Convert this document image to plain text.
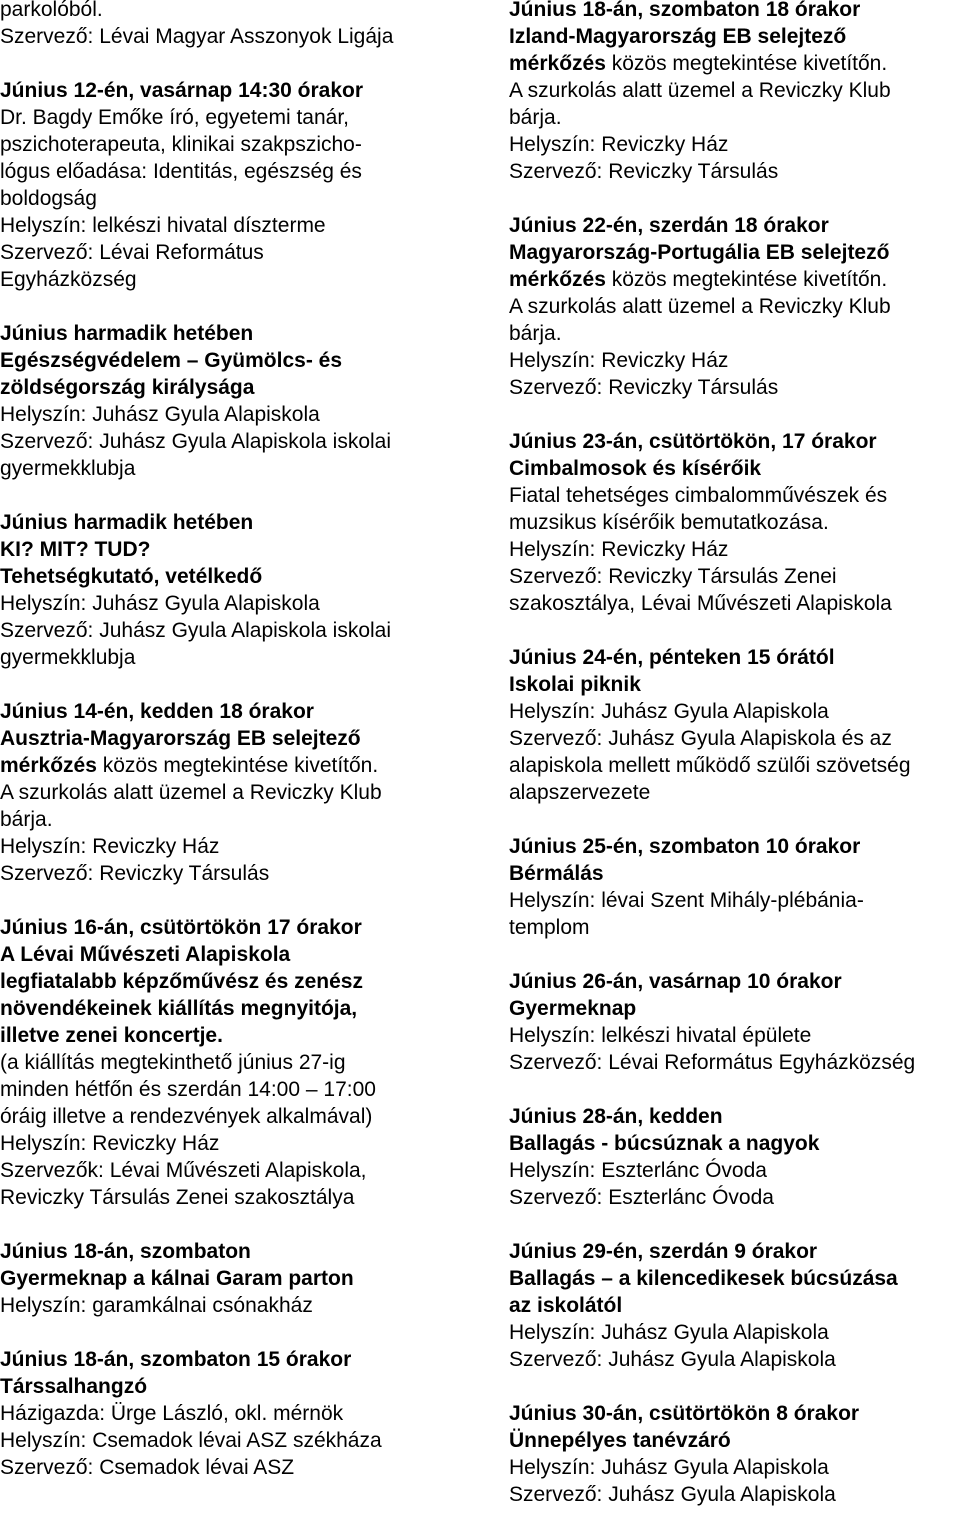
parkolóból.
Szervező: Lévai Magyar Asszonyok Ligája
Június 12-én, vasárnap 14:30 órakor
Dr. Bagdy Emőke író, egyetemi tanár,
pszichoterapeuta, klinikai szakpszicho-
lógus előadása: Identitás, egészség és
boldogság
Helyszín: lelkészi hivatal díszterme
Szervező: Lévai Református
Egyházközség
Június harmadik hetében
Egészségvédelem – Gyümölcs- és
zöldségország királysága
Helyszín: Juhász Gyula Alapiskola
Szervező: Juhász Gyula Alapiskola iskolai
gyermekklubja
Június harmadik hetében
KI? MIT? TUD?
Tehetségkutató, vetélkedő
Helyszín: Juhász Gyula Alapiskola
Szervező: Juhász Gyula Alapiskola iskolai
gyermekklubja
Június 14-én, kedden 18 órakor
Ausztria-Magyarország EB selejtező
mérkőzés közös megtekintése kivetítőn.
A szurkolás alatt üzemel a Reviczky Klub
bárja.
Helyszín: Reviczky Ház
Szervező: Reviczky Társulás
Június 16-án, csütörtökön 17 órakor
A Lévai Művészeti Alapiskola
legfiatalabb képzőművész és zenész
növendékeinek kiállítás megnyitója,
illetve zenei koncertje.
(a kiállítás megtekinthető június 27-ig
minden hétfőn és szerdán 14:00 – 17:00
óráig illetve a rendezvények alkalmával)
Helyszín: Reviczky Ház
Szervezők: Lévai Művészeti Alapiskola,
Reviczky Társulás Zenei szakosztálya
Június 18-án, szombaton
Gyermeknap a kálnai Garam parton
Helyszín: garamkálnai csónakház
Június 18-án, szombaton 15 órakor
Társsalhangzó
Házigazda: Ürge László, okl. mérnök
Helyszín: Csemadok lévai ASZ székháza
Szervező: Csemadok lévai ASZ
Június 18-án, szombaton 18 órakor
Izland-Magyarország EB selejtező
mérkőzés közös megtekintése kivetítőn.
A szurkolás alatt üzemel a Reviczky Klub
bárja.
Helyszín: Reviczky Ház
Szervező: Reviczky Társulás
Június 22-én, szerdán 18 órakor
Magyarország-Portugália EB selejtező
mérkőzés közös megtekintése kivetítőn.
A szurkolás alatt üzemel a Reviczky Klub
bárja.
Helyszín: Reviczky Ház
Szervező: Reviczky Társulás
Június 23-án, csütörtökön, 17 órakor
Cimbalmosok és kísérőik
Fiatal tehetséges cimbalomművészek és
muzsikus kísérőik bemutatkozása.
Helyszín: Reviczky Ház
Szervező: Reviczky Társulás Zenei
szakosztálya, Lévai Művészeti Alapiskola
Június 24-én, pénteken 15 órától
Iskolai piknik
Helyszín: Juhász Gyula Alapiskola
Szervező: Juhász Gyula Alapiskola és az
alapiskola mellett működő szülői szövetség
alapszervezete
Június 25-én, szombaton 10 órakor
Bérmálás
Helyszín: lévai Szent Mihály-plébánia-
templom
Június 26-án, vasárnap 10 órakor
Gyermeknap
Helyszín: lelkészi hivatal épülete
Szervező: Lévai Református Egyházközség
Június 28-án, kedden
Ballagás - búcsúznak a nagyok
Helyszín: Eszterlánc Óvoda
Szervező: Eszterlánc Óvoda
Június 29-én, szerdán 9 órakor
Ballagás – a kilencedikesek búcsúzása
az iskolától
Helyszín: Juhász Gyula Alapiskola
Szervező: Juhász Gyula Alapiskola
Június 30-án, csütörtökön 8 órakor
Ünnepélyes tanévzáró
Helyszín: Juhász Gyula Alapiskola
Szervező: Juhász Gyula Alapiskola
